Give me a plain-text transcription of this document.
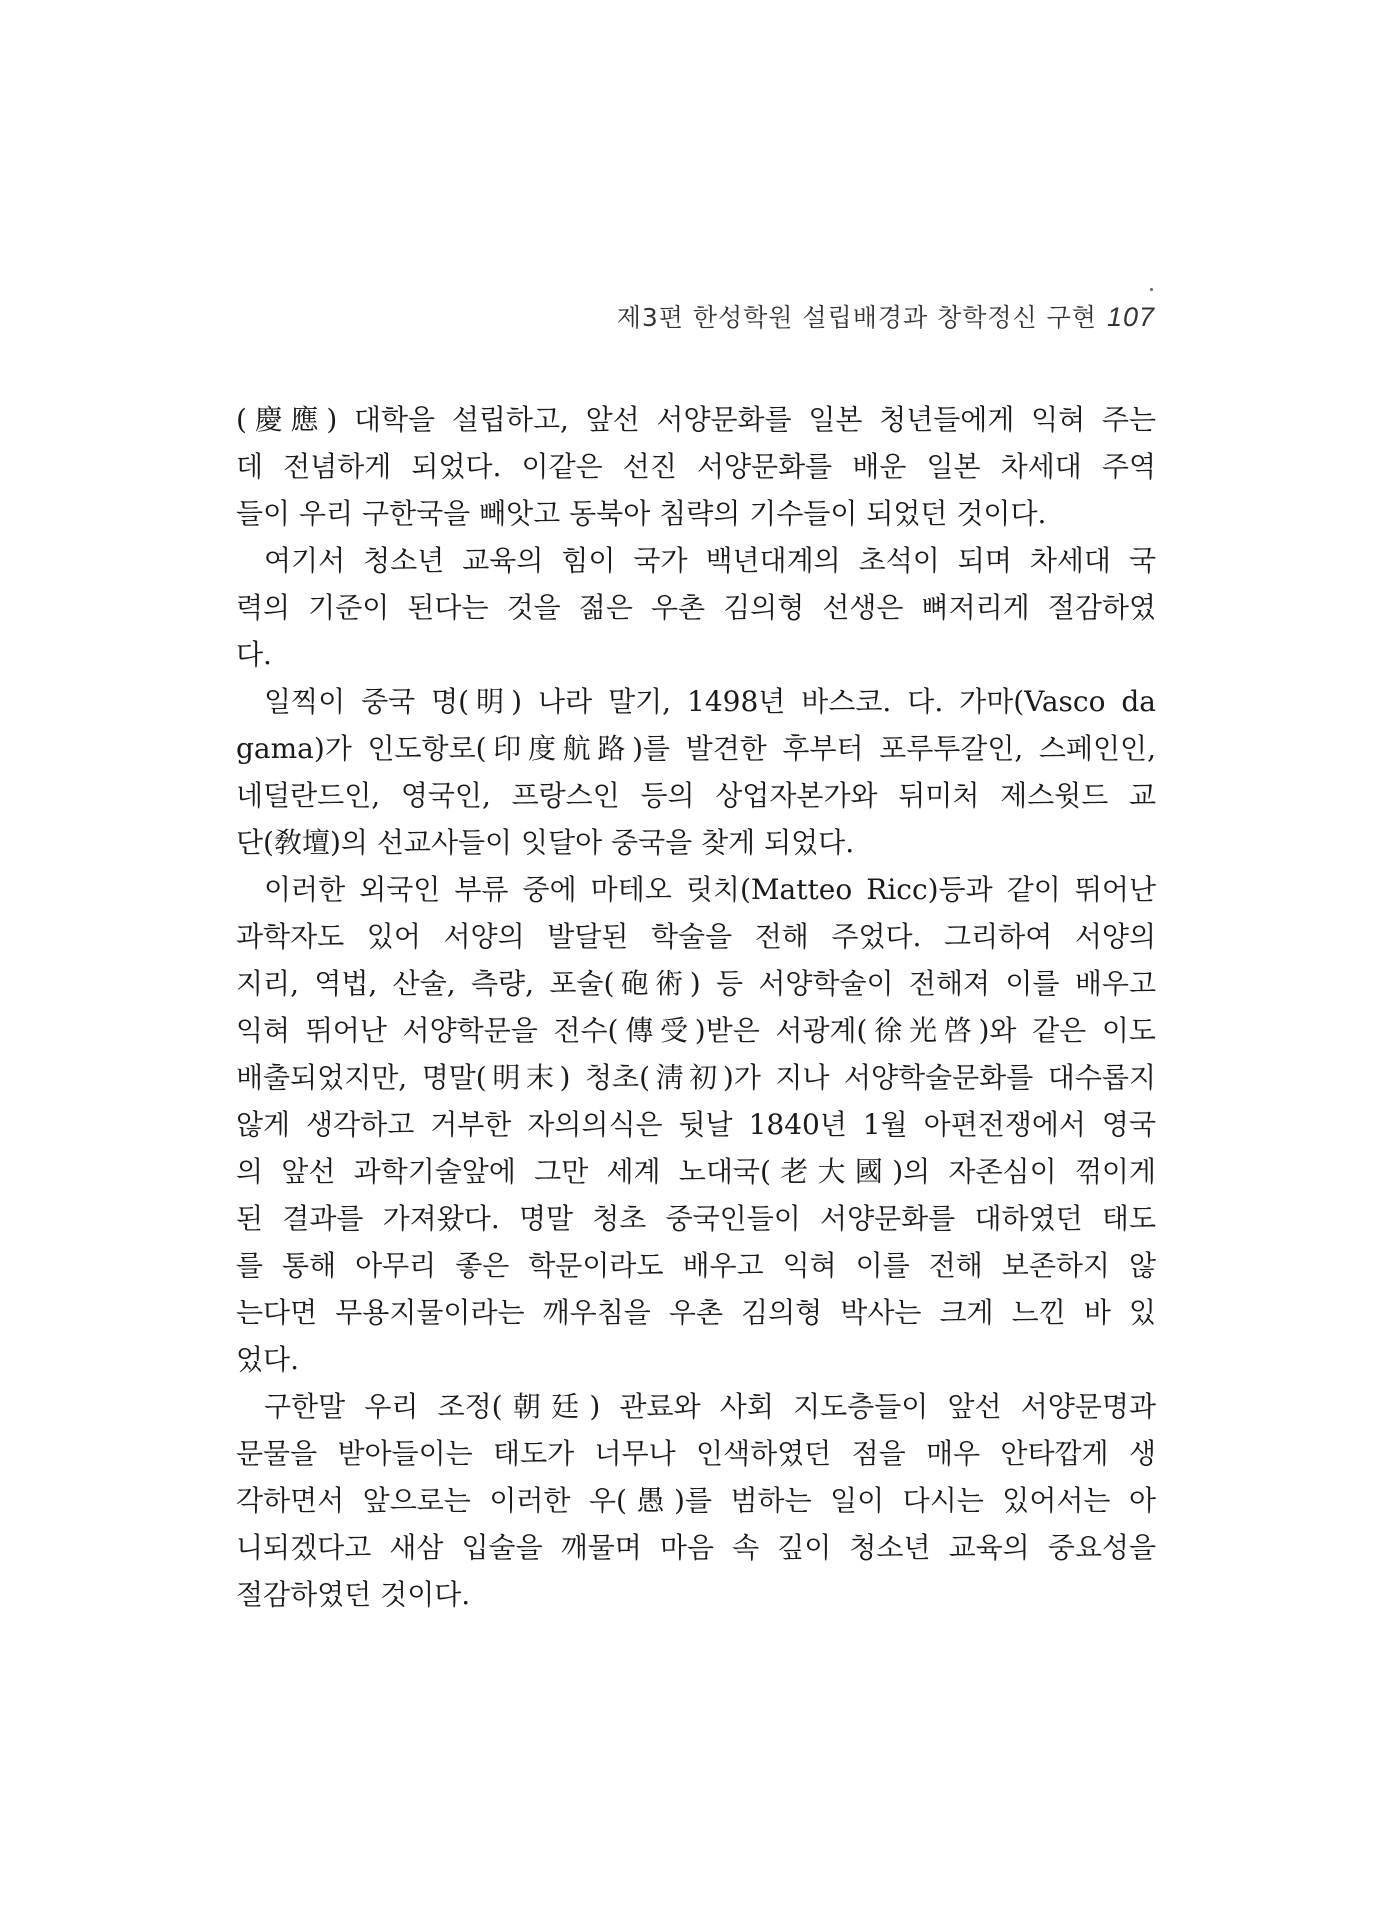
제3편 한성학원 설립배경과 창학정신 구현 107

(慶應) 대학을 설립하고, 앞선 서양문화를 일본 청년들에게 익혀 주는
데 전념하게 되었다. 이같은 선진 서양문화를 배운 일본 차세대 주역
들이 우리 구한국을 빼앗고 동북아 침략의 기수들이 되었던 것이다.

여기서 청소년 교육의 힘이 국가 백년대계의 초석이 되며 차세대 국
력의 기준이 된다는 것을 젊은 우촌 김의형 선생은 뼈저리게 절감하였
다.

일찍이 중국 명(明) 나라 말기, 1498년 바스코. 다. 가마(Vasco da
gama)가 인도항로(印度航路)를 발견한 후부터 포루투갈인, 스페인인,
네덜란드인, 영국인, 프랑스인 등의 상업자본가와 뒤미처 제스윗드 교
단(敎壇)의 선교사들이 잇달아 중국을 찾게 되었다.

이러한 외국인 부류 중에 마테오 릿치(Matteo Ricc)등과 같이 뛰어난
과학자도 있어 서양의 발달된 학술을 전해 주었다. 그리하여 서양의
지리, 역법, 산술, 측량, 포술(砲術) 등 서양학술이 전해져 이를 배우고
익혀 뛰어난 서양학문을 전수(傳受)받은 서광계(徐光啓)와 같은 이도
배출되었지만, 명말(明末) 청초(淸初)가 지나 서양학술문화를 대수롭지
않게 생각하고 거부한 자의의식은 뒷날 1840년 1월 아편전쟁에서 영국
의 앞선 과학기술앞에 그만 세계 노대국(老大國)의 자존심이 꺾이게
된 결과를 가져왔다. 명말 청초 중국인들이 서양문화를 대하였던 태도
를 통해 아무리 좋은 학문이라도 배우고 익혀 이를 전해 보존하지 않
는다면 무용지물이라는 깨우침을 우촌 김의형 박사는 크게 느낀 바 있
었다.

구한말 우리 조정(朝廷) 관료와 사회 지도층들이 앞선 서양문명과
문물을 받아들이는 태도가 너무나 인색하였던 점을 매우 안타깝게 생
각하면서 앞으로는 이러한 우(愚)를 범하는 일이 다시는 있어서는 아
니되겠다고 새삼 입술을 깨물며 마음 속 깊이 청소년 교육의 중요성을
절감하였던 것이다.
